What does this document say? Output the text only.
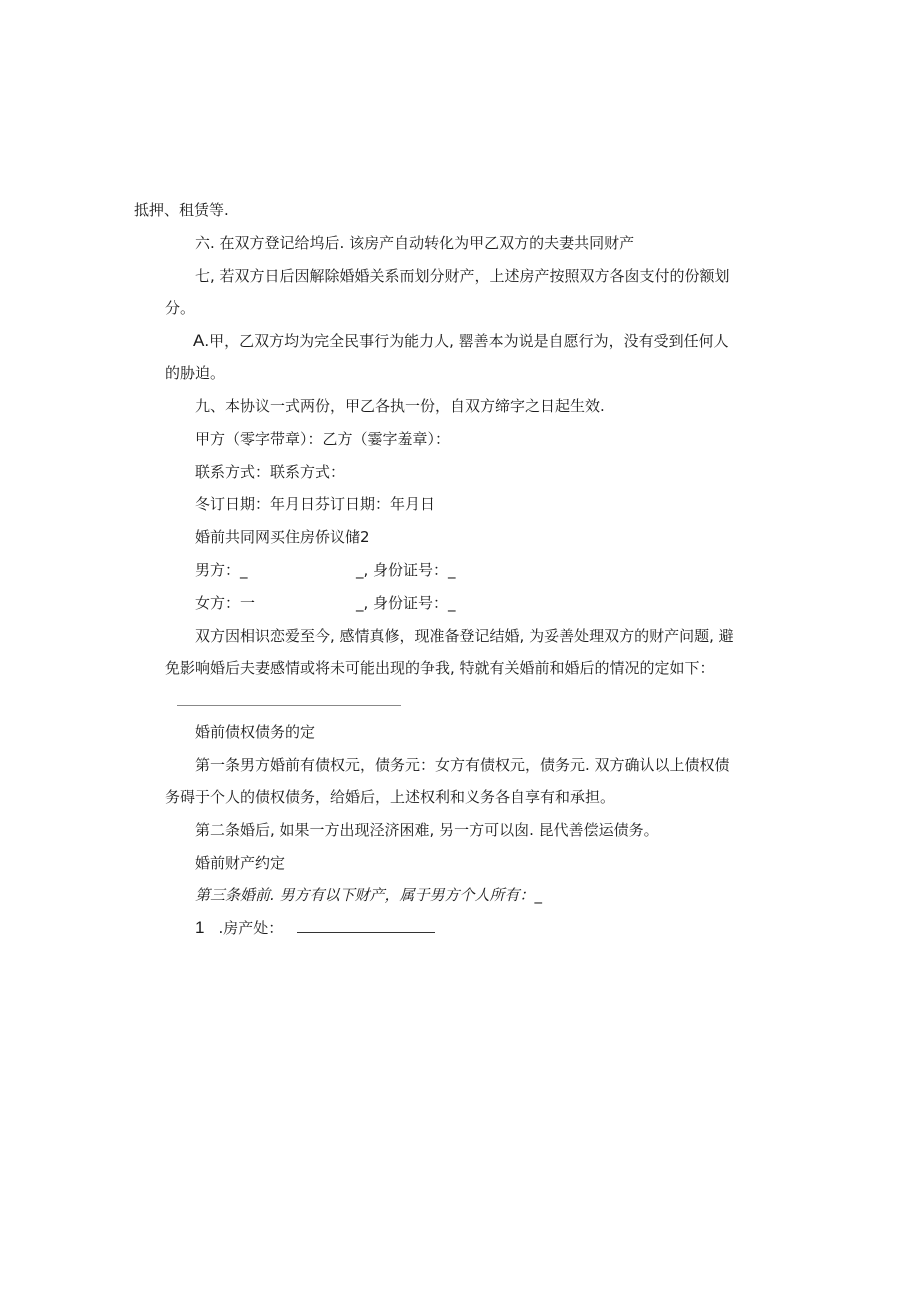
抵押、租赁等.
六. 在双方登记给坞后. 该房产自动转化为甲乙双方的夫妻共同财产
七, 若双方日后因解除婚婚关系而划分财产，上述房产按照双方各囱支付的份额划
分。
A.甲，乙双方均为完全民事行为能力人, 罂善本为说是自愿行为，没有受到任何人
的胁迫。
九、本协议一式两份，甲乙各执一份，自双方缔字之日起生效.
甲方（零字带章）：乙方（霎字羞章）：
联系方式：联系方式：
冬订日期：年月日芬订日期：年月日
婚前共同网买住房侨议储2
男方：_	_, 身份证号：_
女方：一	_, 身份证号：_
双方因相识恋爱至今, 感情真修，现准备登记结婚, 为妥善处理双方的财产问题, 避
免影响婚后夫妻感情或将未可能出现的争我, 特就有关婚前和婚后的情况的定如下：
婚前债权债务的定
第一条男方婚前有债权元，债务元：女方有债权元，债务元. 双方确认以上债权债
务碍于个人的债权债务，给婚后，上述权利和义务各自享有和承担。
第二条婚后, 如果一方出现泾济困难, 另一方可以囱. 昆代善偿运债务。
婚前财产约定
第三条婚前. 男方有以下财产，属于男方个人所有：_
1 .房产处：
